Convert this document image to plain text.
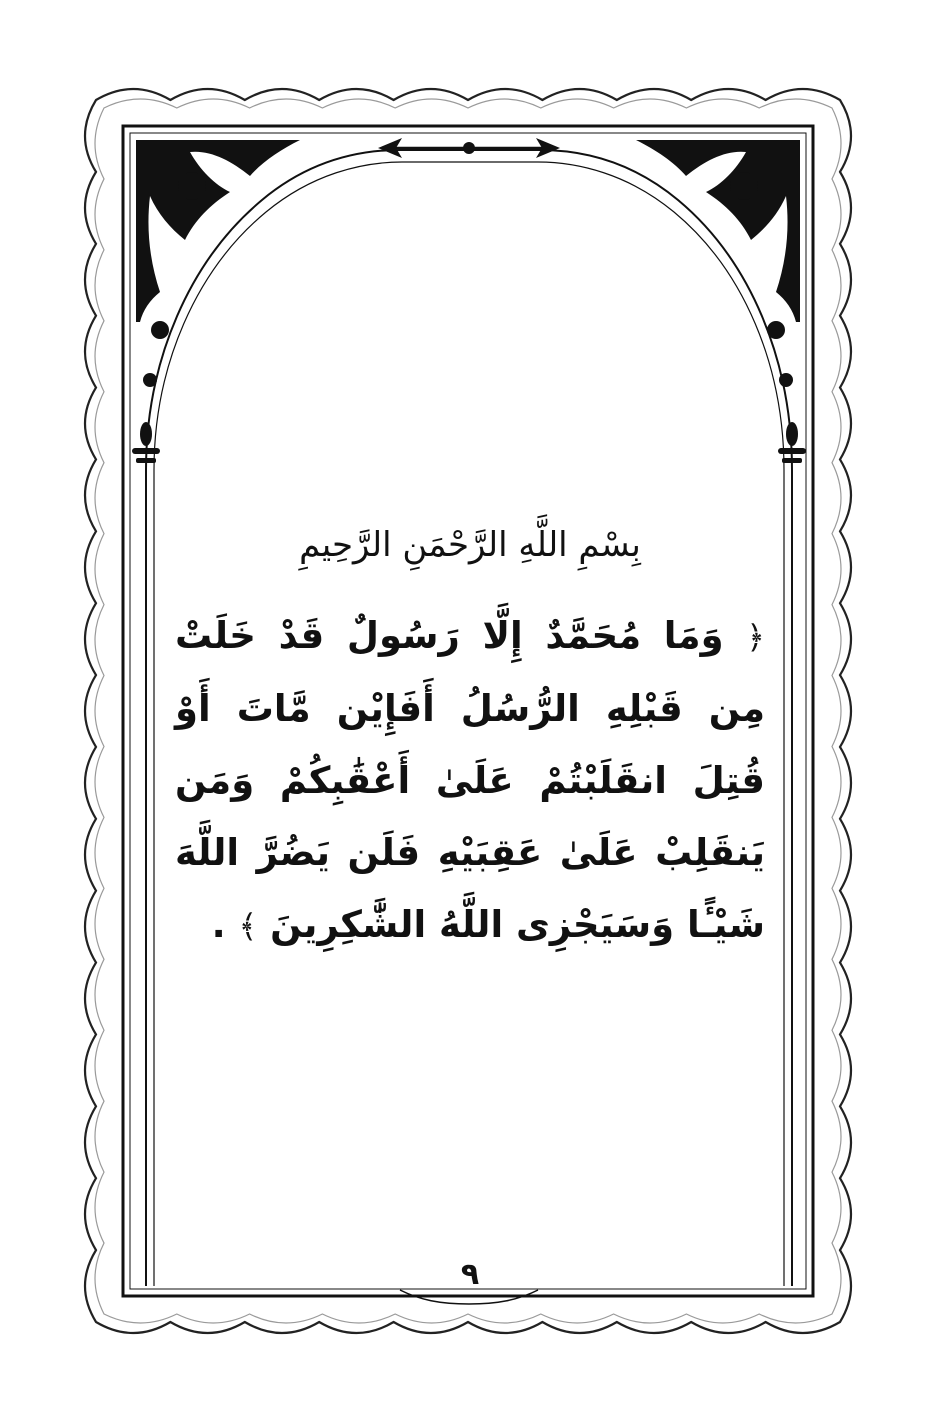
بِسْمِ اللَّهِ الرَّحْمَنِ الرَّحِيمِ
﴿ وَمَا مُحَمَّدٌ إِلَّا رَسُولٌ قَدْ خَلَتْ مِن قَبْلِهِ الرُّسُلُ أَفَإِيْن مَّاتَ أَوْ قُتِلَ انقَلَبْتُمْ عَلَىٰ أَعْقَٰبِكُمْ وَمَن يَنقَلِبْ عَلَىٰ عَقِبَيْهِ فَلَن يَضُرَّ اللَّهَ شَيْـًٔا وَسَيَجْزِى اللَّهُ الشَّٰكِرِينَ ﴾ .
٩
